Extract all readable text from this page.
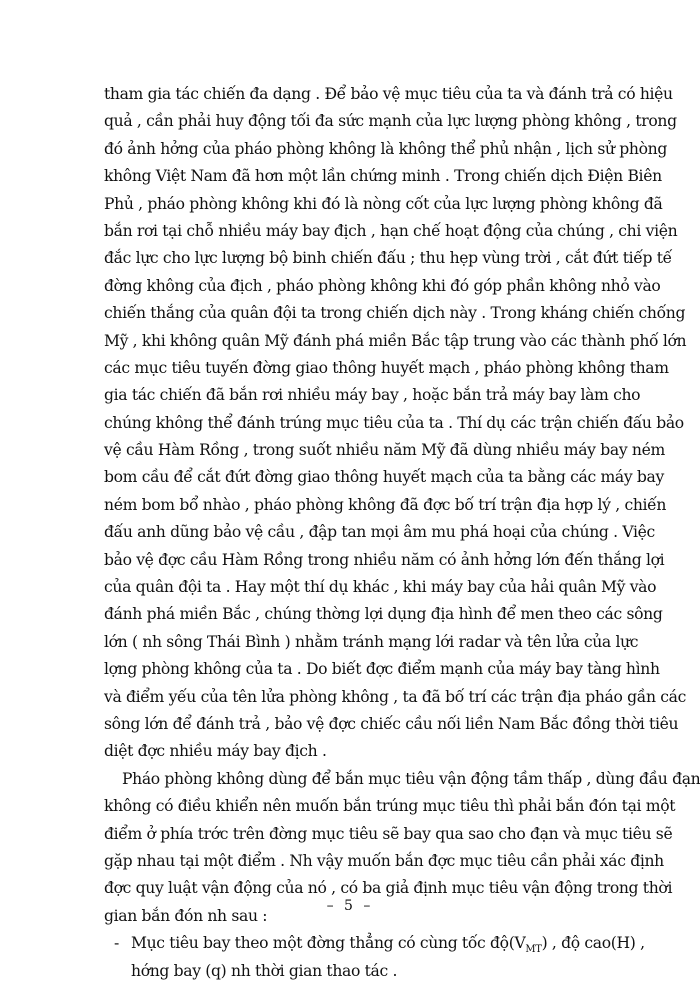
tham gia tác chiến đa dạng . Để bảo vệ mục tiêu của ta và đánh trả có hiệu
quả , cần phải huy động tối đa sức mạnh của lực lượng phòng không , trong
đó ảnh hởng của pháo phòng không là không thể phủ nhận , lịch sử phòng
không Việt Nam đã hơn một lần chứng minh . Trong chiến dịch Điện Biên
Phủ , pháo phòng không khi đó là nòng cốt của lực lượng phòng không đã
bắn rơi tại chỗ nhiều máy bay địch , hạn chế hoạt động của chúng , chi viện
đắc lực cho lực lượng bộ binh chiến đấu ; thu hẹp vùng trời , cắt đứt tiếp tế
đờng không của địch , pháo phòng không khi đó góp phần không nhỏ vào
chiến thắng của quân đội ta trong chiến dịch này . Trong kháng chiến chống
Mỹ , khi không quân Mỹ đánh phá miền Bắc tập trung vào các thành phố lớn
các mục tiêu tuyến đờng giao thông huyết mạch , pháo phòng không tham
gia tác chiến đã bắn rơi nhiều máy bay , hoặc bắn trả máy bay làm cho
chúng không thể đánh trúng mục tiêu của ta . Thí dụ các trận chiến đấu bảo
vệ cầu Hàm Rồng , trong suốt nhiều năm Mỹ đã dùng nhiều máy bay ném
bom cầu để cắt đứt đờng giao thông huyết mạch của ta bằng các máy bay
ném bom bổ nhào , pháo phòng không đã đợc bố trí trận địa hợp lý , chiến
đấu anh dũng bảo vệ cầu , đập tan mọi âm mu phá hoại của chúng . Việc
bảo vệ đợc cầu Hàm Rồng trong nhiều năm có ảnh hởng lớn đến thắng lợi
của quân đội ta . Hay một thí dụ khác , khi máy bay của hải quân Mỹ vào
đánh phá miền Bắc , chúng thờng lợi dụng địa hình để men theo các sông
lớn ( nh sông Thái Bình ) nhằm tránh mạng lới radar và tên lửa của lực
lợng phòng không của ta . Do biết đợc điểm mạnh của máy bay tàng hình
và điểm yếu của tên lửa phòng không , ta đã bố trí các trận địa pháo gần các
sông lớn để đánh trả , bảo vệ đợc chiếc cầu nối liền Nam Bắc đồng thời tiêu
diệt đợc nhiều máy bay địch .
Pháo phòng không dùng để bắn mục tiêu vận động tầm thấp , dùng đầu đạn
không có điều khiển nên muốn bắn trúng mục tiêu thì phải bắn đón tại một
điểm ở phía trớc trên đờng mục tiêu sẽ bay qua sao cho đạn và mục tiêu sẽ
gặp nhau tại một điểm . Nh vậy muốn bắn đợc mục tiêu cần phải xác định
đợc quy luật vận động của nó , có ba giả định mục tiêu vận động trong thời
gian bắn đón nh sau :
- Mục tiêu bay theo một đờng thẳng có cùng tốc $độ(V_{MT})$ , độ cao(H) ,
hớng bay (q) nh thời gian thao tác .
– 5 –
